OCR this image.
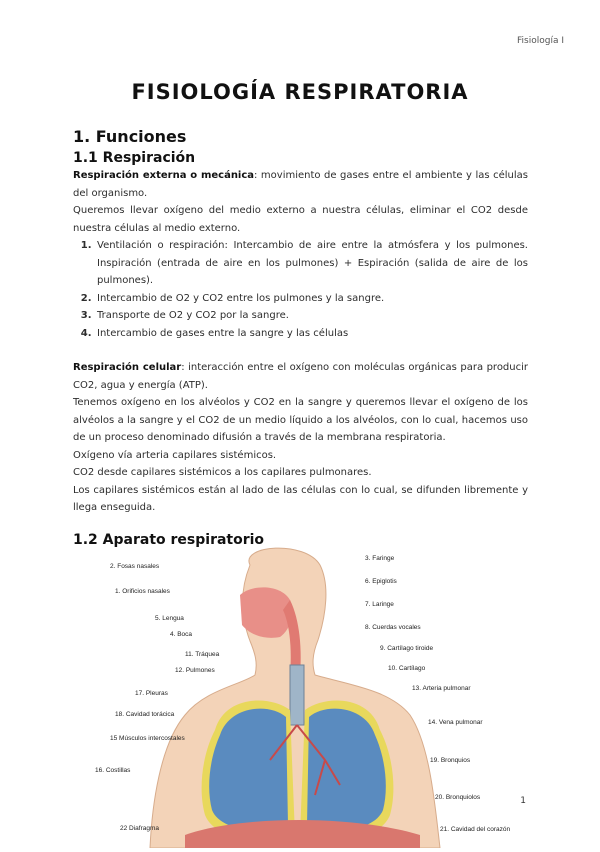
Fisiología I
FISIOLOGÍA RESPIRATORIA
1. Funciones
1.1 Respiración

Respiración externa o mecánica: movimiento de gases entre el ambiente y las células del organismo.

Queremos llevar oxígeno del medio externo a nuestra células, eliminar el CO2 desde nuestra células al medio externo.

1. Ventilación o respiración: Intercambio de aire entre la atmósfera y los pulmones. Inspiración (entrada de aire en los pulmones) + Espiración (salida de aire de los pulmones).
2. Intercambio de O2 y CO2 entre los pulmones y la sangre.
3. Transporte de O2 y CO2 por la sangre.
4. Intercambio de gases entre la sangre y las células

Respiración celular: interacción entre el oxígeno con moléculas orgánicas para producir CO2, agua y energía (ATP).

Tenemos oxígeno en los alvéolos y CO2 en la sangre y queremos llevar el oxígeno de los alvéolos a la sangre y el CO2 de un medio líquido a los alvéolos, con lo cual, hacemos uso de un proceso denominado difusión a través de la membrana respiratoria.

Oxígeno vía arteria capilares sistémicos.

CO2 desde capilares sistémicos a los capilares pulmonares.

Los capilares sistémicos están al lado de las células con lo cual, se difunden libremente y llega enseguida.

1.2 Aparato respiratorio
2. Fosas nasales
1. Orificios nasales
5. Lengua
4. Boca
11. Tráquea
12. Pulmones
17. Pleuras
18. Cavidad torácica
15 Músculos intercostales
16. Costillas
22 Diafragma
3. Faringe
6. Epiglotis
7. Laringe
8. Cuerdas vocales
9. Cartílago tiroide
10. Cartílago
13. Arteria pulmonar
14. Vena pulmonar
19. Bronquios
20. Bronquiolos
21. Cavidad del corazón
1
